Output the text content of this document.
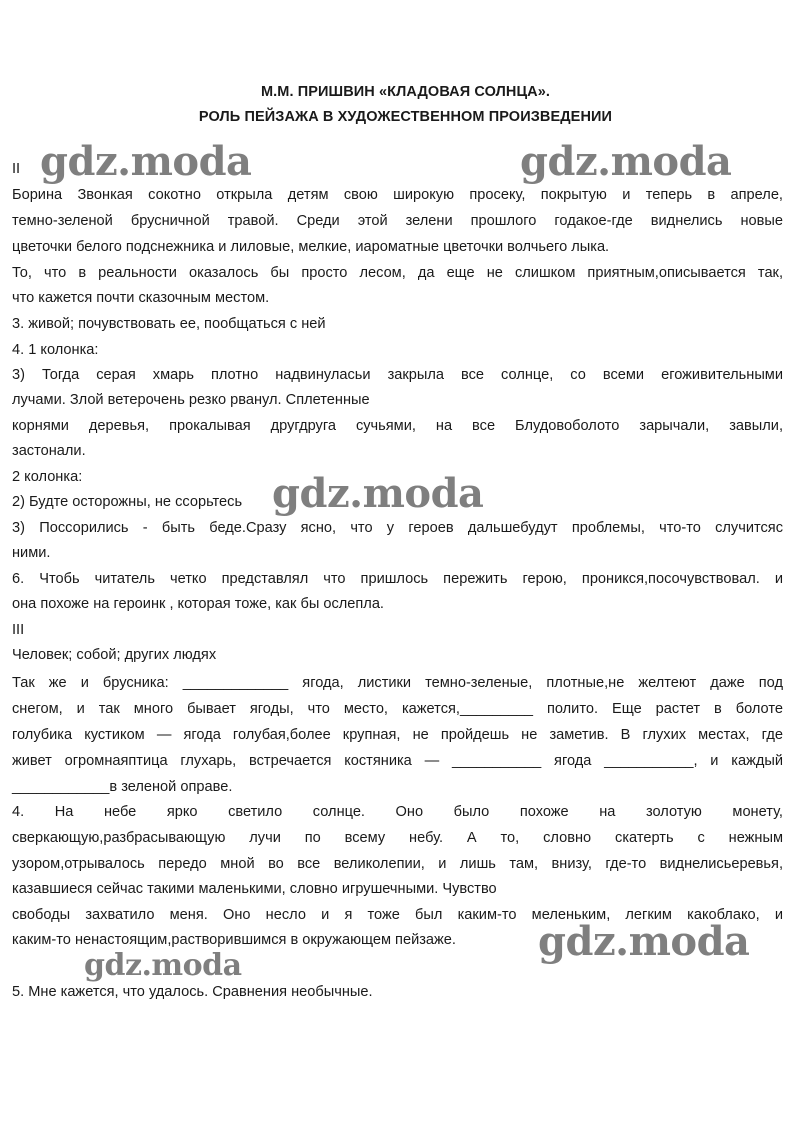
М.М. ПРИШВИН «КЛАДОВАЯ СОЛНЦА».
РОЛЬ ПЕЙЗАЖА В ХУДОЖЕСТВЕННОМ ПРОИЗВЕДЕНИИ
II
Борина Звонкая сокотно открыла детям свою широкую просеку, покрытую и теперь в апреле,
темно-зеленой брусничной травой. Среди этой зелени прошлого годакое-где виднелись новые
цветочки белого подснежника и лиловые, мелкие, иароматные цветочки волчьего лыка.
То, что в реальности оказалось бы просто лесом, да еще не слишком приятным,описывается так,
что кажется почти сказочным местом.
3. живой; почувствовать ее, пообщаться с ней
4. 1 колонка:
3) Тогда серая хмарь плотно надвинуласьи закрыла все солнце, со всеми егоживительными
лучами. Злой ветерочень резко рванул. Сплетенные
корнями деревья, прокалывая другдруга сучьями, на все Блудовоболото зарычали, завыли,
застонали.
2 колонка:
2) Будте осторожны, не ссорьтесь
3) Поссорились - быть беде.Сразу ясно, что у героев дальшебудут проблемы, что-то случитсяс
ними.
6. Чтобь читатель четко представлял что пришлось пережить герою, проникся,посочувствовал. и
она похоже на героинк , которая тоже, как бы ослепла.
III
Человек; собой; других людях
Так же и брусника: _____________ ягода, листики темно-зеленые, плотные,не желтеют даже под
снегом, и так много бывает ягоды, что место, кажется,_________ полито. Еще растет в болоте
голубика кустиком — ягода голубая,более крупная, не пройдешь не заметив. В глухих местах, где
живет огромнаяптица глухарь, встречается костяника — ___________ ягода ___________, и каждый
____________в зеленой оправе.
4. На небе ярко светило солнце. Оно было похоже на золотую монету,
сверкающую,разбрасывающую лучи по всему небу. А то, словно скатерть с нежным
узором,отрывалось передо мной во все великолепии, и лишь там, внизу, где-то виднелисьеревья,
казавшиеся сейчас такими маленькими, словно игрушечными. Чувство
свободы захватило меня. Оно несло и я тоже был каким-то меленьким, легким какоблако, и
каким-то ненастоящим,растворившимся в окружающем пейзаже.
5. Мне кажется, что удалось. Сравнения необычные.
gdz.moda	gdz.moda
gdz.moda
gdz.moda
gdz.moda
